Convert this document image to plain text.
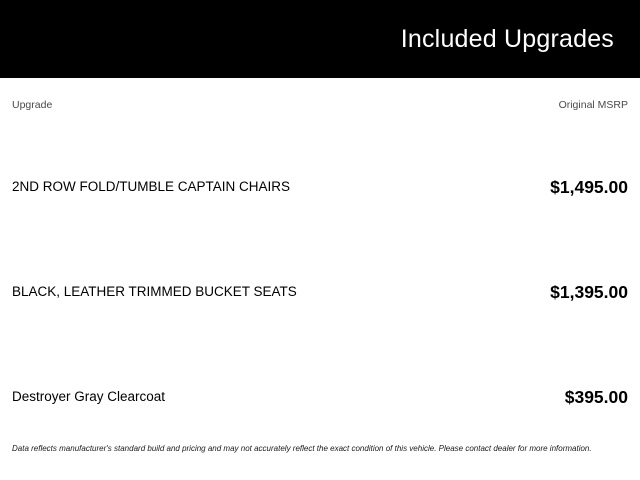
Included Upgrades
Upgrade	Original MSRP
2ND ROW FOLD/TUMBLE CAPTAIN CHAIRS	$1,495.00
BLACK, LEATHER TRIMMED BUCKET SEATS	$1,395.00
Destroyer Gray Clearcoat	$395.00
Data reflects manufacturer's standard build and pricing and may not accurately reflect the exact condition of this vehicle. Please contact dealer for more information.
